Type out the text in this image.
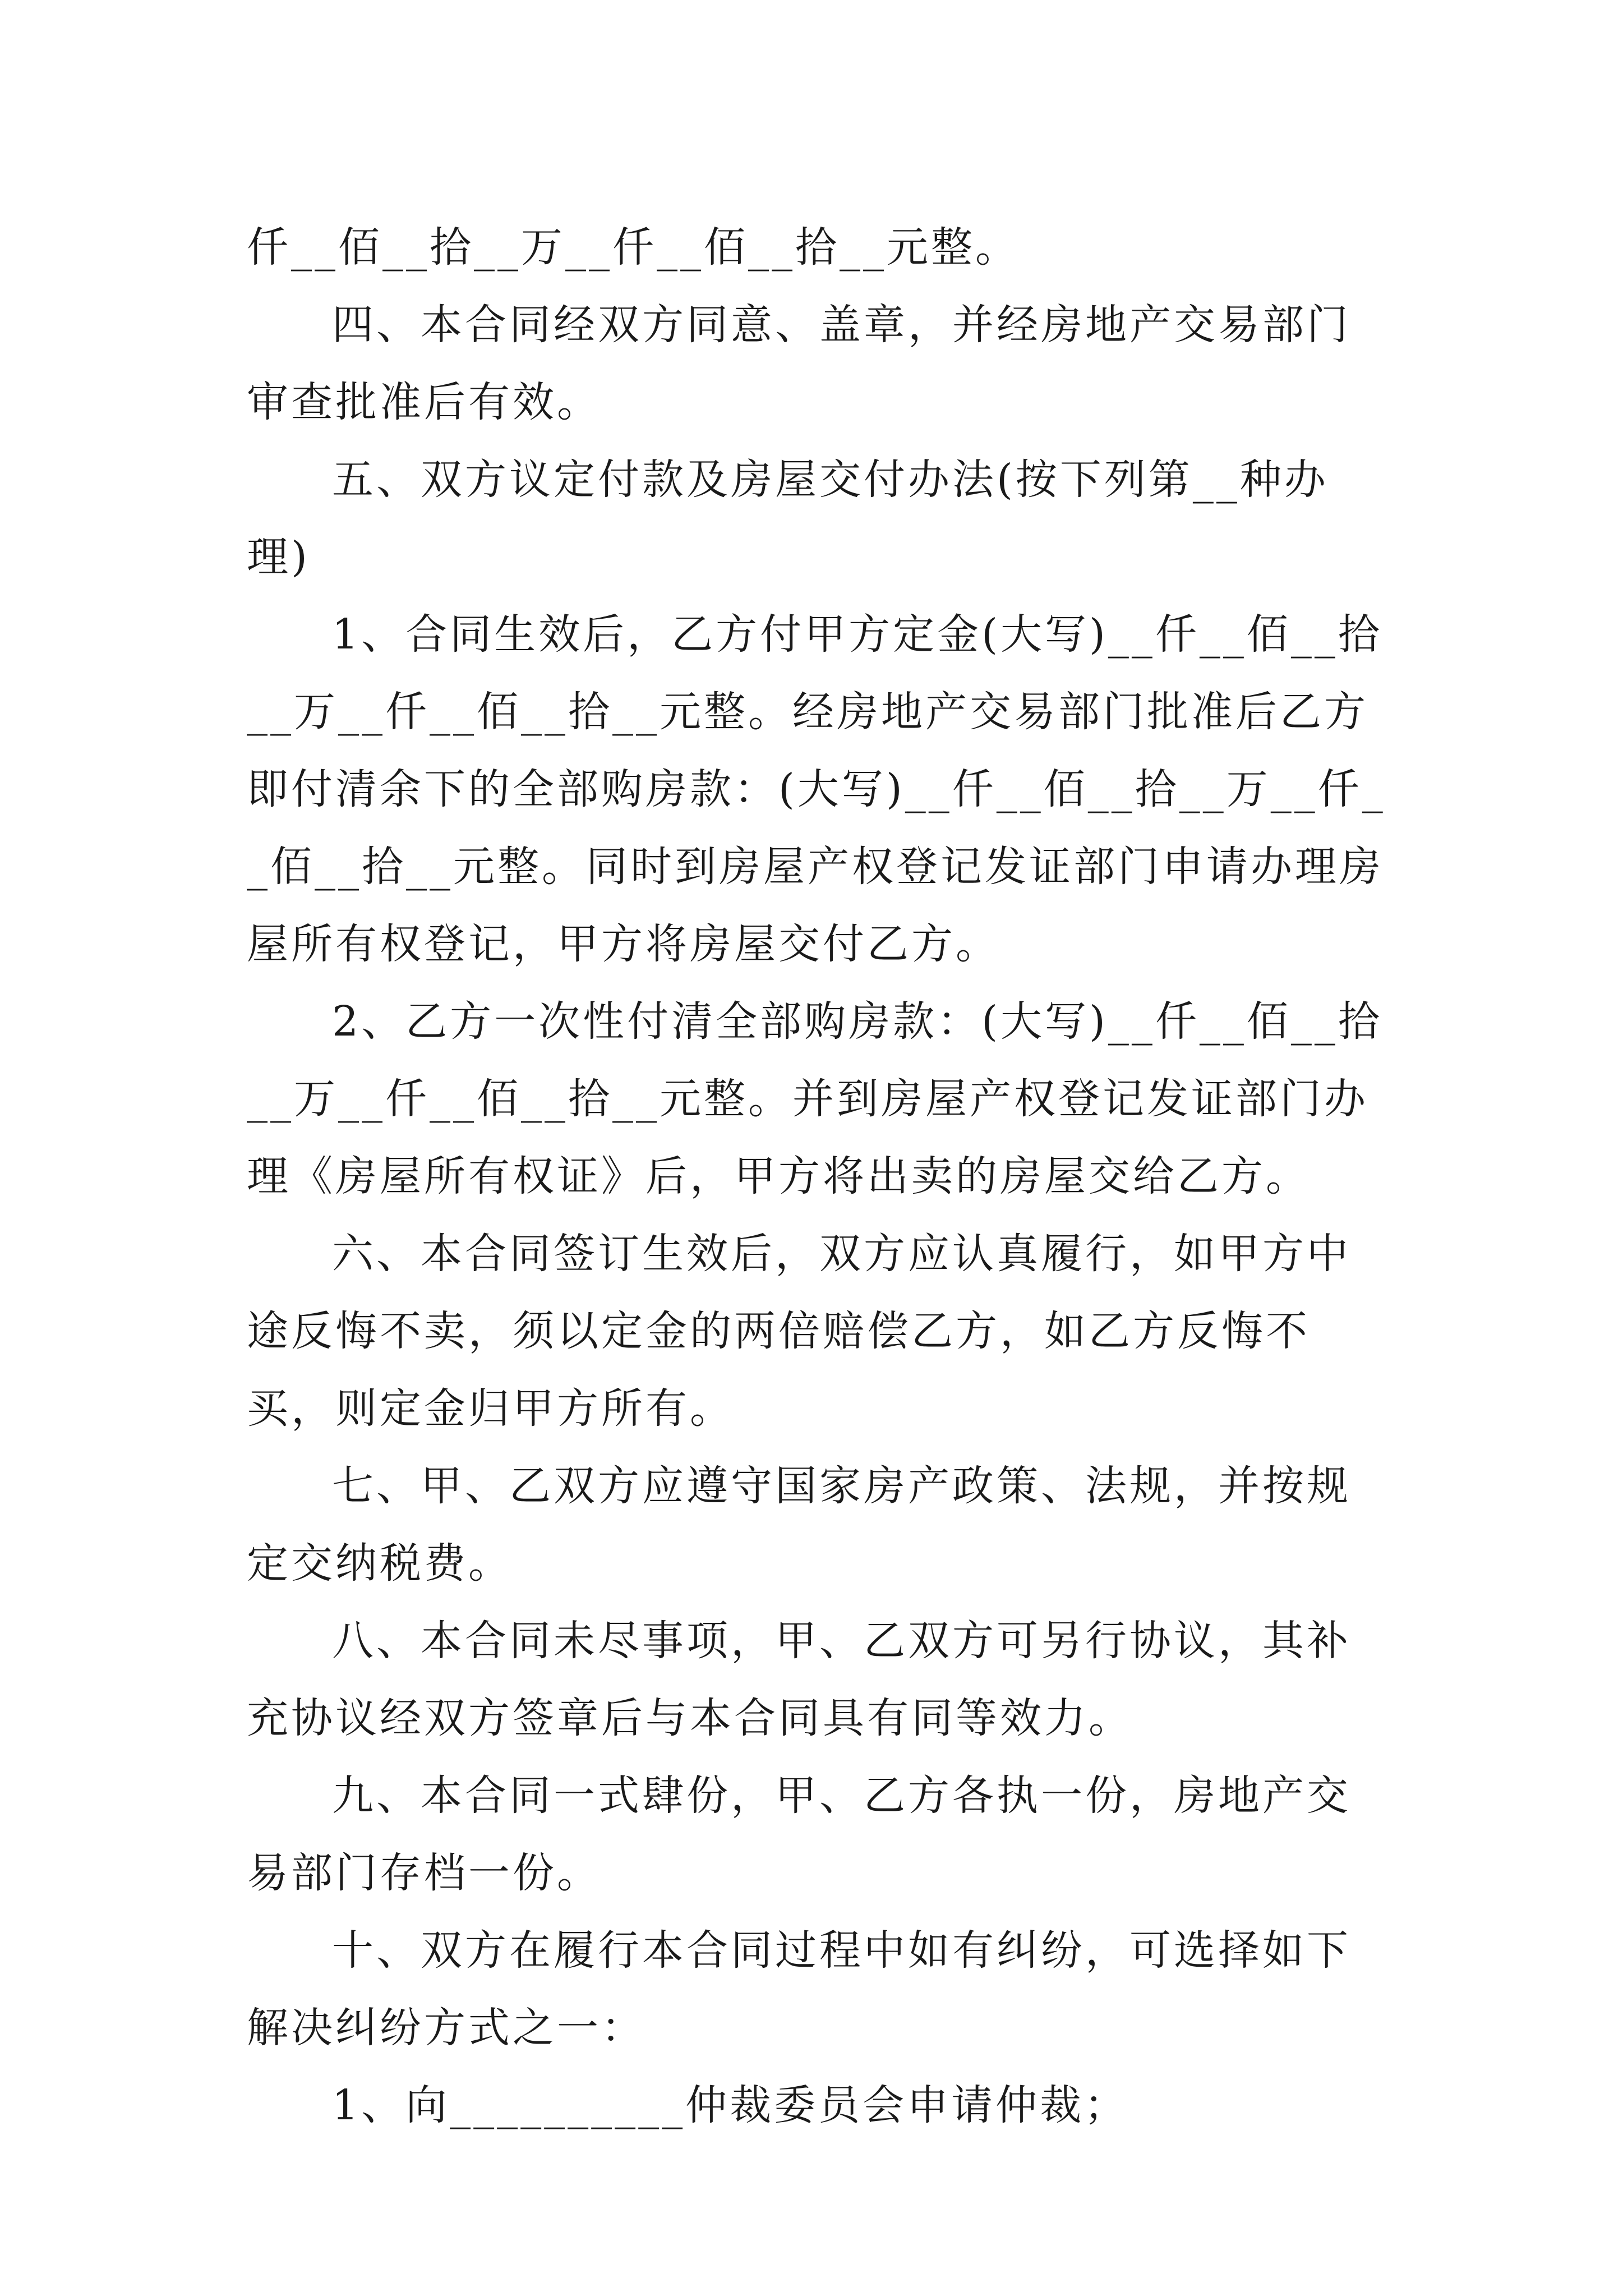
仟__佰__拾__万__仟__佰__拾__元整。

四、本合同经双方同意、盖章，并经房地产交易部门审查批准后有效。

五、双方议定付款及房屋交付办法(按下列第__种办理)

1、合同生效后，乙方付甲方定金(大写)__仟__佰__拾__万__仟__佰__拾__元整。经房地产交易部门批准后乙方即付清余下的全部购房款：(大写)__仟__佰__拾__万__仟__佰__拾__元整。同时到房屋产权登记发证部门申请办理房屋所有权登记，甲方将房屋交付乙方。

2、乙方一次性付清全部购房款：(大写)__仟__佰__拾__万__仟__佰__拾__元整。并到房屋产权登记发证部门办理《房屋所有权证》后，甲方将出卖的房屋交给乙方。

六、本合同签订生效后，双方应认真履行，如甲方中途反悔不卖，须以定金的两倍赔偿乙方，如乙方反悔不买，则定金归甲方所有。

七、甲、乙双方应遵守国家房产政策、法规，并按规定交纳税费。

八、本合同未尽事项，甲、乙双方可另行协议，其补充协议经双方签章后与本合同具有同等效力。

九、本合同一式肆份，甲、乙方各执一份，房地产交易部门存档一份。

十、双方在履行本合同过程中如有纠纷，可选择如下解决纠纷方式之一：

1、向__________仲裁委员会申请仲裁；
